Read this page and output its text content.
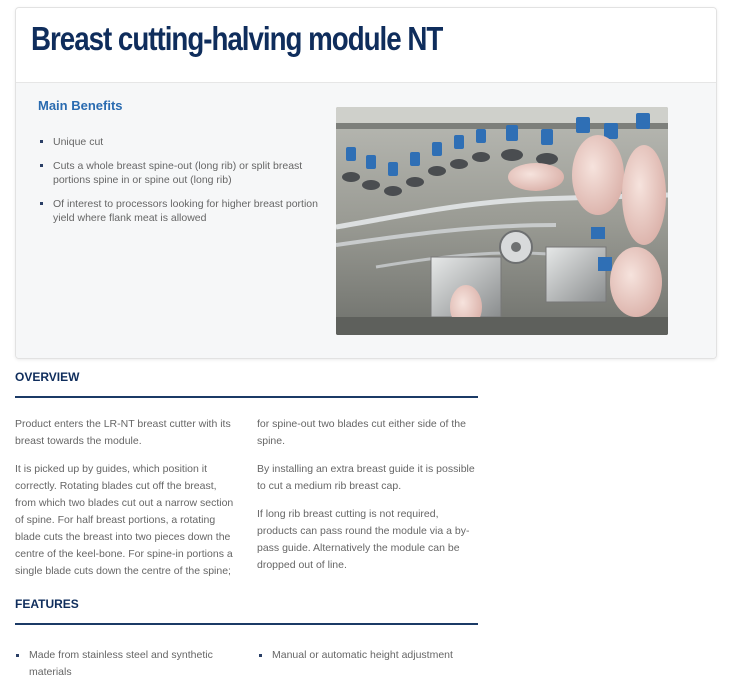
Breast cutting-halving module NT
Main Benefits
Unique cut
Cuts a whole breast spine-out (long rib) or split breast portions spine in or spine out (long rib)
Of interest to processors looking for higher breast portion yield where flank meat is allowed
OVERVIEW

Product enters the LR-NT breast cutter with its breast towards the module.

It is picked up by guides, which position it correctly. Rotating blades cut off the breast, from which two blades cut out a narrow section of spine. For half breast portions, a rotating blade cuts the breast into two pieces down the centre of the keel-bone. For spine-in portions a single blade cuts down the centre of the spine;

for spine-out two blades cut either side of the spine.

By installing an extra breast guide it is possible to cut a medium rib breast cap.

If long rib breast cutting is not required, products can pass round the module via a by-pass guide. Alternatively the module can be dropped out of line.

FEATURES
Made from stainless steel and synthetic materials
Manual or automatic height adjustment
